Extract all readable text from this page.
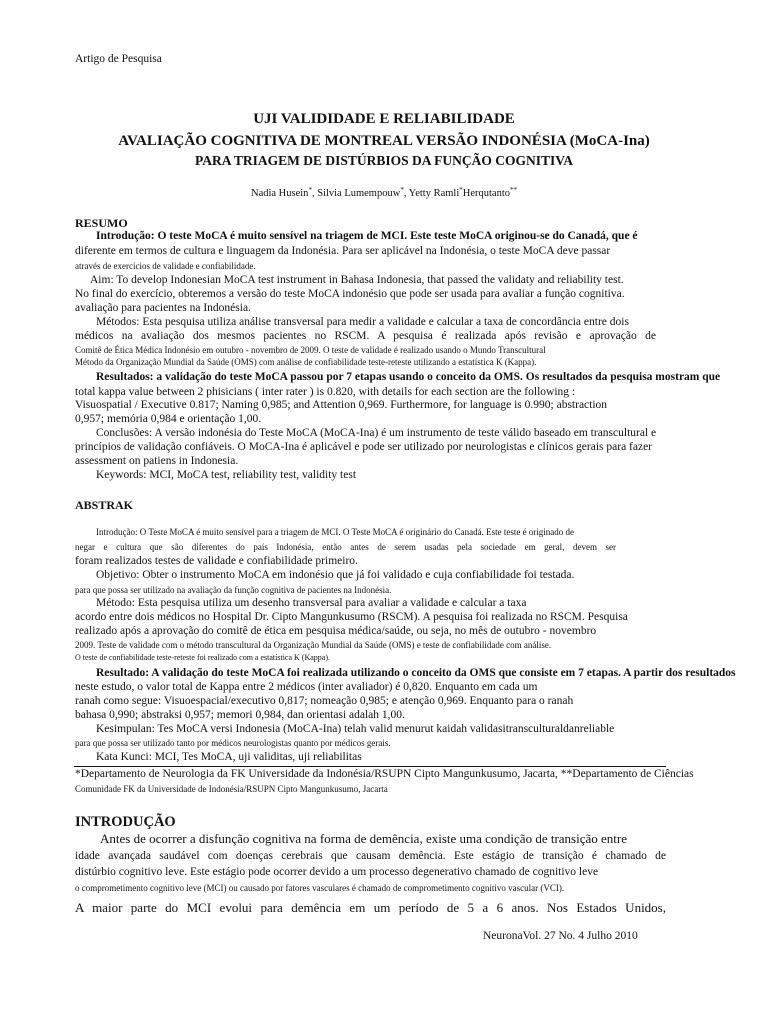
Artigo de Pesquisa
UJI VALIDIDADE E RELIABILIDADE
AVALIAÇÃO COGNITIVA DE MONTREAL VERSÃO INDONÉSIA (MoCA-Ina)
PARA TRIAGEM DE DISTÚRBIOS DA FUNÇÃO COGNITIVA
Nadia Husein*, Silvia Lumempouw*, Yetty Ramli*Herqutanto**
RESUMO
Introdução: O teste MoCA é muito sensível na triagem de MCI. Este teste MoCA originou-se do Canadá, que é
diferente em termos de cultura e linguagem da Indonésia. Para ser aplicável na Indonésia, o teste MoCA deve passar
através de exercícios de validade e confiabilidade.
Aim: To develop Indonesian MoCA test instrument in Bahasa Indonesia, that passed the validaty and reliability test.
No final do exercício, obteremos a versão do teste MoCA indonésio que pode ser usada para avaliar a função cognitiva.
avaliação para pacientes na Indonésia.
Métodos: Esta pesquisa utiliza análise transversal para medir a validade e calcular a taxa de concordância entre dois
médicos na avaliação dos mesmos pacientes no RSCM. A pesquisa é realizada após revisão e aprovação de
Comitê de Ética Médica Indonésio em outubro - novembro de 2009. O teste de validade é realizado usando o Mundo Transcultural
Método da Organização Mundial da Saúde (OMS) com análise de confiabilidade teste-reteste utilizando a estatística K (Kappa).
Resultados: a validação do teste MoCA passou por 7 etapas usando o conceito da OMS. Os resultados da pesquisa mostram que
total kappa value between 2 phisicians ( inter rater ) is 0.820, with details for each section are the following :
Visuospatial / Executive 0.817; Naming 0,985; and Attention 0,969. Furthermore, for language is 0.990; abstraction
0,957; memória 0,984 e orientação 1,00.
Conclusões: A versão indonésia do Teste MoCA (MoCA-Ina) é um instrumento de teste válido baseado em transcultural e
princípios de validação confiáveis. O MoCA-Ina é aplicável e pode ser utilizado por neurologistas e clínicos gerais para fazer
assessment on patiens in Indonesia.
Keywords: MCI, MoCA test, reliability test, validity test
ABSTRAK
Introdução: O Teste MoCA é muito sensível para a triagem de MCI. O Teste MoCA é originário do Canadá. Este teste é originado de
negar e cultura que são diferentes do país Indonésia, então antes de serem usadas pela sociedade em geral, devem ser
foram realizados testes de validade e confiabilidade primeiro.
Objetivo: Obter o instrumento MoCA em indonésio que já foi validado e cuja confiabilidade foi testada.
para que possa ser utilizado na avaliação da função cognitiva de pacientes na Indonésia.
Método: Esta pesquisa utiliza um desenho transversal para avaliar a validade e calcular a taxa
acordo entre dois médicos no Hospital Dr. Cipto Mangunkusumo (RSCM). A pesquisa foi realizada no RSCM. Pesquisa
realizado após a aprovação do comitê de ética em pesquisa médica/saúde, ou seja, no mês de outubro - novembro
2009. Teste de validade com o método transcultural da Organização Mundial da Saúde (OMS) e teste de confiabilidade com análise.
O teste de confiabilidade teste-reteste foi realizado com a estatística K (Kappa).
Resultado: A validação do teste MoCA foi realizada utilizando o conceito da OMS que consiste em 7 etapas. A partir dos resultados
neste estudo, o valor total de Kappa entre 2 médicos (inter avaliador) é 0,820. Enquanto em cada um
ranah como segue: Visuoespacial/executivo 0,817; nomeação 0,985; e atenção 0,969. Enquanto para o ranah
bahasa 0,990; abstraksi 0,957; memori 0,984, dan orientasi adalah 1,00.
Kesimpulan: Tes MoCA versi Indonesia (MoCA-Ina) telah valid menurut kaidah validasitransculturaldanreliable
para que possa ser utilizado tanto por médicos neurologistas quanto por médicos gerais.
Kata Kunci: MCI, Tes MoCA, uji validitas, uji reliabilitas
*Departamento de Neurologia da FK Universidade da Indonésia/RSUPN Cipto Mangunkusumo, Jacarta, **Departamento de Ciências
Comunidade FK da Universidade de Indonésia/RSUPN Cipto Mangunkusumo, Jacarta
INTRODUÇÃO
Antes de ocorrer a disfunção cognitiva na forma de demência, existe uma condição de transição entre
idade avançada saudável com doenças cerebrais que causam demência. Este estágio de transição é chamado de
distúrbio cognitivo leve. Este estágio pode ocorrer devido a um processo degenerativo chamado de cognitivo leve
o comprometimento cognitivo leve (MCI) ou causado por fatores vasculares é chamado de comprometimento cognitivo vascular (VCI).
A maior parte do MCI evolui para demência em um período de 5 a 6 anos. Nos Estados Unidos,
NeuronaVol. 27 No. 4 Julho 2010
